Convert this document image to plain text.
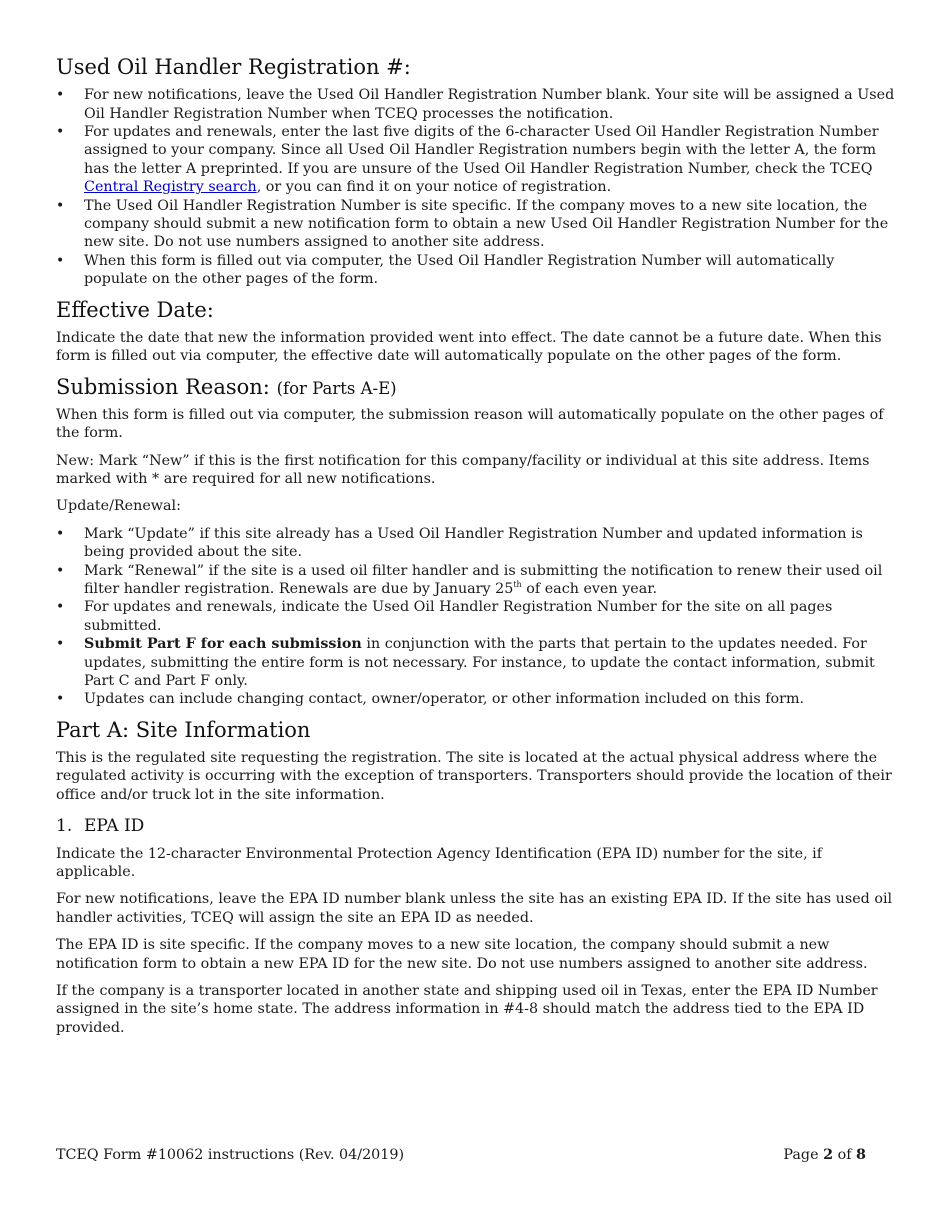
Used Oil Handler Registration #:
• For new notifications, leave the Used Oil Handler Registration Number blank. Your site will be assigned a Used Oil Handler Registration Number when TCEQ processes the notification.
• For updates and renewals, enter the last five digits of the 6-character Used Oil Handler Registration Number assigned to your company. Since all Used Oil Handler Registration numbers begin with the letter A, the form has the letter A preprinted. If you are unsure of the Used Oil Handler Registration Number, check the TCEQ Central Registry search, or you can find it on your notice of registration.
• The Used Oil Handler Registration Number is site specific. If the company moves to a new site location, the company should submit a new notification form to obtain a new Used Oil Handler Registration Number for the new site. Do not use numbers assigned to another site address.
• When this form is filled out via computer, the Used Oil Handler Registration Number will automatically populate on the other pages of the form.
Effective Date:

Indicate the date that new the information provided went into effect. The date cannot be a future date. When this form is filled out via computer, the effective date will automatically populate on the other pages of the form.

Submission Reason: (for Parts A-E)

When this form is filled out via computer, the submission reason will automatically populate on the other pages of the form.

New: Mark “New” if this is the first notification for this company/facility or individual at this site address. Items marked with * are required for all new notifications.

Update/Renewal:

• Mark “Update” if this site already has a Used Oil Handler Registration Number and updated information is being provided about the site.
• Mark “Renewal” if the site is a used oil filter handler and is submitting the notification to renew their used oil filter handler registration. Renewals are due by January 25th of each even year.
• For updates and renewals, indicate the Used Oil Handler Registration Number for the site on all pages submitted.
• Submit Part F for each submission in conjunction with the parts that pertain to the updates needed. For updates, submitting the entire form is not necessary. For instance, to update the contact information, submit Part C and Part F only.
• Updates can include changing contact, owner/operator, or other information included on this form.
Part A: Site Information

This is the regulated site requesting the registration. The site is located at the actual physical address where the regulated activity is occurring with the exception of transporters. Transporters should provide the location of their office and/or truck lot in the site information.

1. EPA ID

Indicate the 12-character Environmental Protection Agency Identification (EPA ID) number for the site, if applicable.

For new notifications, leave the EPA ID number blank unless the site has an existing EPA ID. If the site has used oil handler activities, TCEQ will assign the site an EPA ID as needed.

The EPA ID is site specific. If the company moves to a new site location, the company should submit a new notification form to obtain a new EPA ID for the new site. Do not use numbers assigned to another site address.

If the company is a transporter located in another state and shipping used oil in Texas, enter the EPA ID Number assigned in the site’s home state. The address information in #4-8 should match the address tied to the EPA ID provided.

TCEQ Form #10062 instructions (Rev. 04/2019)	Page 2 of 8
